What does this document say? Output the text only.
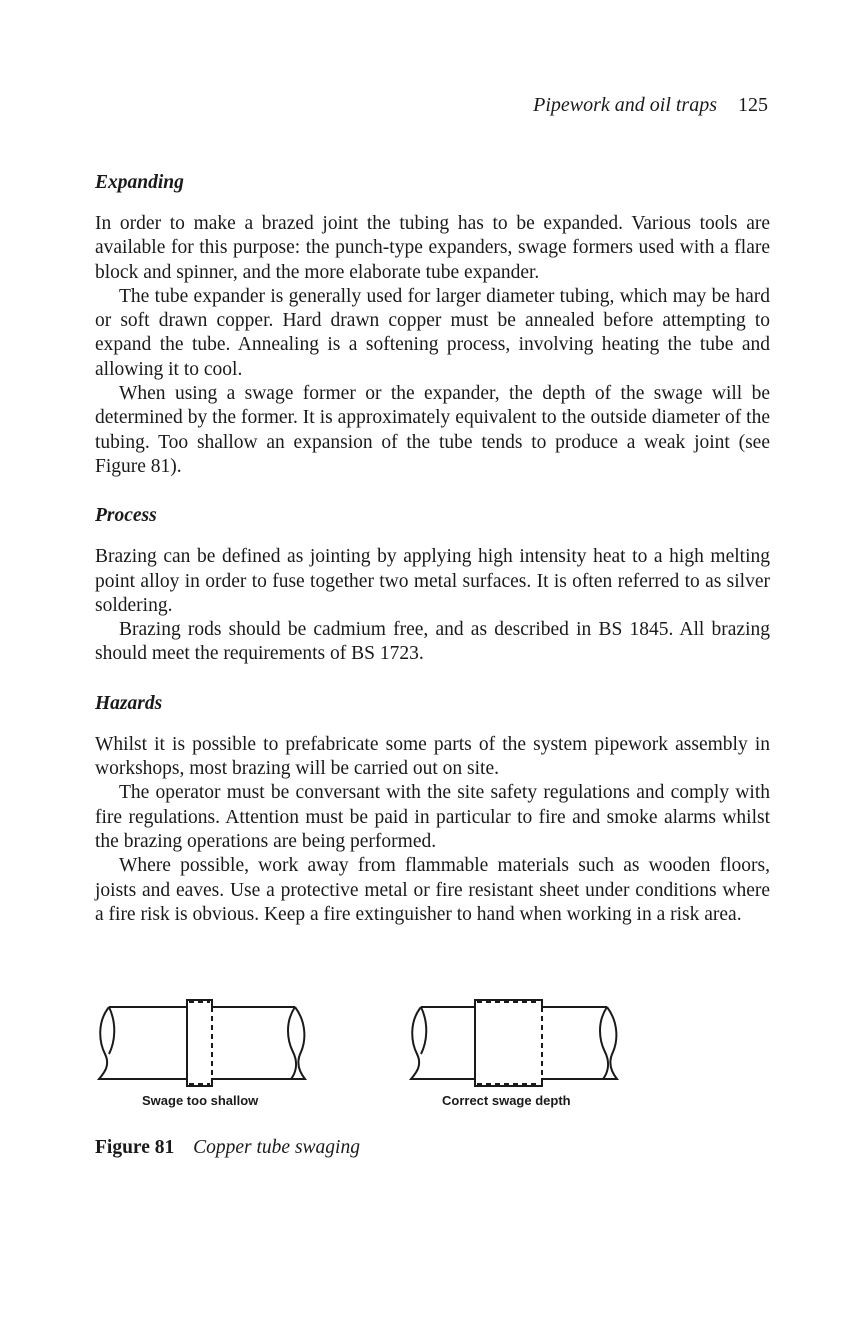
Pipework and oil traps 125
Expanding

In order to make a brazed joint the tubing has to be expanded. Various tools are available for this purpose: the punch-type expanders, swage formers used with a flare block and spinner, and the more elaborate tube expander.

The tube expander is generally used for larger diameter tubing, which may be hard or soft drawn copper. Hard drawn copper must be annealed before attempting to expand the tube. Annealing is a softening process, involving heating the tube and allowing it to cool.

When using a swage former or the expander, the depth of the swage will be determined by the former. It is approximately equivalent to the outside diameter of the tubing. Too shallow an expansion of the tube tends to produce a weak joint (see Figure 81).

Process

Brazing can be defined as jointing by applying high intensity heat to a high melting point alloy in order to fuse together two metal surfaces. It is often referred to as silver soldering.

Brazing rods should be cadmium free, and as described in BS 1845. All brazing should meet the requirements of BS 1723.

Hazards

Whilst it is possible to prefabricate some parts of the system pipework assembly in workshops, most brazing will be carried out on site.

The operator must be conversant with the site safety regulations and comply with fire regulations. Attention must be paid in particular to fire and smoke alarms whilst the brazing operations are being performed.

Where possible, work away from flammable materials such as wooden floors, joists and eaves. Use a protective metal or fire resistant sheet under conditions where a fire risk is obvious. Keep a fire extinguisher to hand when working in a risk area.

Swage too shallow	Correct swage depth
Figure 81 Copper tube swaging
